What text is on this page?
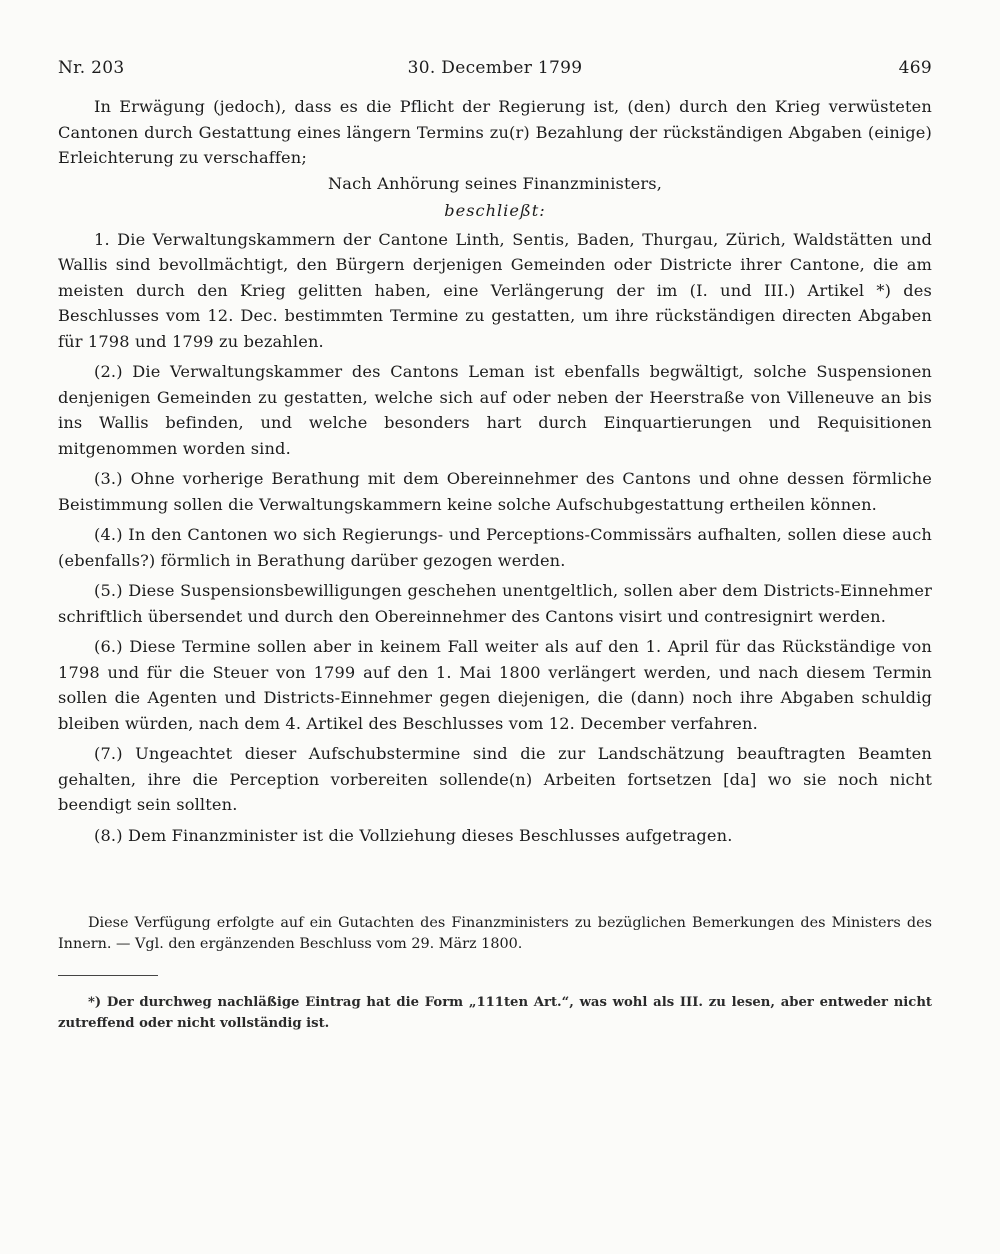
Nr. 203	30. December 1799	469

In Erwägung (jedoch), dass es die Pflicht der Regierung ist, (den) durch den Krieg verwüsteten Cantonen durch Gestattung eines längern Termins zu(r) Bezahlung der rückständigen Abgaben (einige) Erleichterung zu verschaffen;

Nach Anhörung seines Finanzministers,

beschließt:

1. Die Verwaltungskammern der Cantone Linth, Sentis, Baden, Thurgau, Zürich, Waldstätten und Wallis sind bevollmächtigt, den Bürgern derjenigen Gemeinden oder Districte ihrer Cantone, die am meisten durch den Krieg gelitten haben, eine Verlängerung der im (I. und III.) Artikel *) des Beschlusses vom 12. Dec. bestimmten Termine zu gestatten, um ihre rückständigen directen Abgaben für 1798 und 1799 zu bezahlen.

(2.) Die Verwaltungskammer des Cantons Leman ist ebenfalls begwältigt, solche Suspensionen denjenigen Gemeinden zu gestatten, welche sich auf oder neben der Heerstraße von Villeneuve an bis ins Wallis befinden, und welche besonders hart durch Einquartierungen und Requisitionen mitgenommen worden sind.

(3.) Ohne vorherige Berathung mit dem Obereinnehmer des Cantons und ohne dessen förmliche Beistimmung sollen die Verwaltungskammern keine solche Aufschubgestattung ertheilen können.

(4.) In den Cantonen wo sich Regierungs- und Perceptions-Commissärs aufhalten, sollen diese auch (ebenfalls?) förmlich in Berathung darüber gezogen werden.

(5.) Diese Suspensionsbewilligungen geschehen unentgeltlich, sollen aber dem Districts-Einnehmer schriftlich übersendet und durch den Obereinnehmer des Cantons visirt und contresignirt werden.

(6.) Diese Termine sollen aber in keinem Fall weiter als auf den 1. April für das Rückständige von 1798 und für die Steuer von 1799 auf den 1. Mai 1800 verlängert werden, und nach diesem Termin sollen die Agenten und Districts-Einnehmer gegen diejenigen, die (dann) noch ihre Abgaben schuldig bleiben würden, nach dem 4. Artikel des Beschlusses vom 12. December verfahren.

(7.) Ungeachtet dieser Aufschubstermine sind die zur Landschätzung beauftragten Beamten gehalten, ihre die Perception vorbereiten sollende(n) Arbeiten fortsetzen [da] wo sie noch nicht beendigt sein sollten.

(8.) Dem Finanzminister ist die Vollziehung dieses Beschlusses aufgetragen.

Diese Verfügung erfolgte auf ein Gutachten des Finanzministers zu bezüglichen Bemerkungen des Ministers des Innern. — Vgl. den ergänzenden Beschluss vom 29. März 1800.

*) Der durchweg nachläßige Eintrag hat die Form „111ten Art.“, was wohl als III. zu lesen, aber entweder nicht zutreffend oder nicht vollständig ist.
